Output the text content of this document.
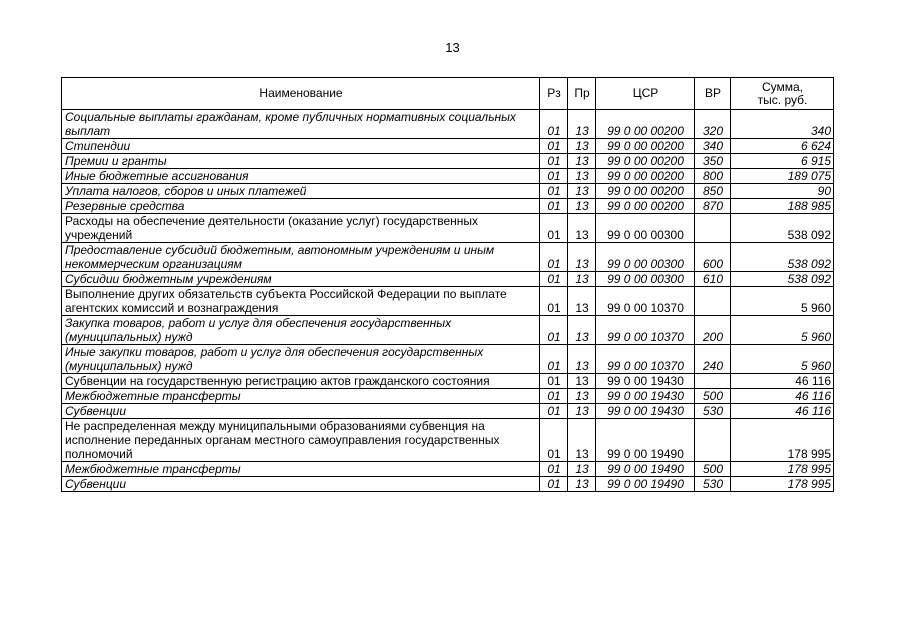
13
Наименование	Рз	Пр	ЦСР	ВР	Сумма,
тыс. руб.
Социальные выплаты гражданам, кроме публичных нормативных социальных выплат	01	13	99 0 00 00200	320	340
Стипендии	01	13	99 0 00 00200	340	6 624
Премии и гранты	01	13	99 0 00 00200	350	6 915
Иные бюджетные ассигнования	01	13	99 0 00 00200	800	189 075
Уплата налогов, сборов и иных платежей	01	13	99 0 00 00200	850	90
Резервные средства	01	13	99 0 00 00200	870	188 985
Расходы на обеспечение деятельности (оказание услуг) государственных учреждений	01	13	99 0 00 00300		538 092
Предоставление субсидий бюджетным, автономным учреждениям и иным некоммерческим организациям	01	13	99 0 00 00300	600	538 092
Субсидии бюджетным учреждениям	01	13	99 0 00 00300	610	538 092
Выполнение других обязательств субъекта Российской Федерации по выплате агентских комиссий и вознаграждения	01	13	99 0 00 10370		5 960
Закупка товаров, работ и услуг для обеспечения государственных (муниципальных) нужд	01	13	99 0 00 10370	200	5 960
Иные закупки товаров, работ и услуг для обеспечения государственных (муниципальных) нужд	01	13	99 0 00 10370	240	5 960
Субвенции на государственную регистрацию актов гражданского состояния	01	13	99 0 00 19430		46 116
Межбюджетные трансферты	01	13	99 0 00 19430	500	46 116
Субвенции	01	13	99 0 00 19430	530	46 116
Не распределенная между муниципальными образованиями субвенция на исполнение переданных органам местного самоуправления государственных полномочий	01	13	99 0 00 19490		178 995
Межбюджетные трансферты	01	13	99 0 00 19490	500	178 995
Субвенции	01	13	99 0 00 19490	530	178 995
